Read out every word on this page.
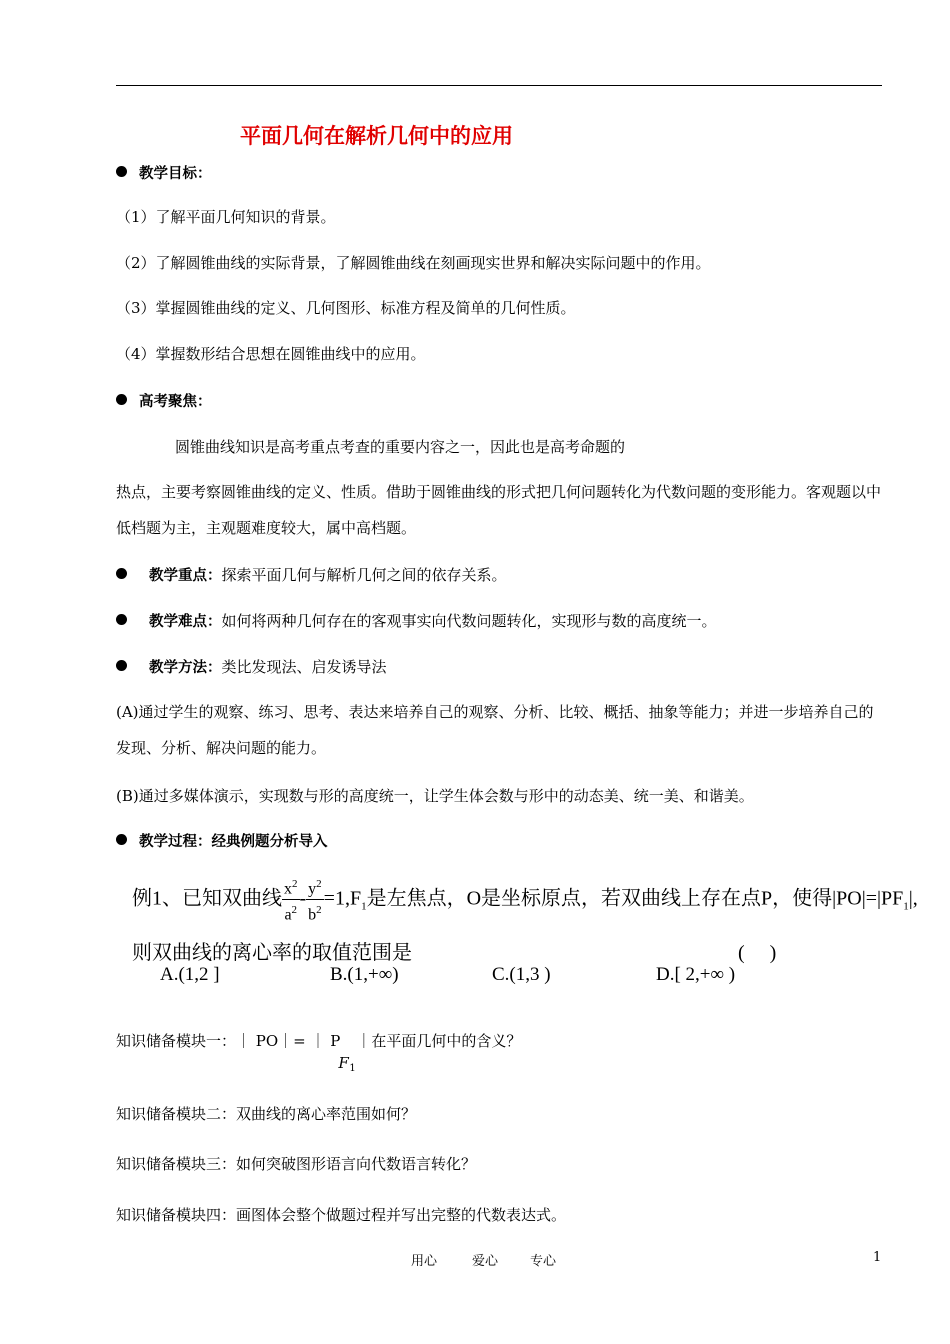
平面几何在解析几何中的应用
教学目标：
（1）了解平面几何知识的背景。
（2）了解圆锥曲线的实际背景，了解圆锥曲线在刻画现实世界和解决实际问题中的作用。
（3）掌握圆锥曲线的定义、几何图形、标准方程及简单的几何性质。
（4）掌握数形结合思想在圆锥曲线中的应用。
高考聚焦：
圆锥曲线知识是高考重点考查的重要内容之一，因此也是高考命题的
热点，主要考察圆锥曲线的定义、性质。借助于圆锥曲线的形式把几何问题转化为代数问题的变形能力。客观题以中低档题为主，主观题难度较大，属中高档题。
教学重点：探索平面几何与解析几何之间的依存关系。
教学难点：如何将两种几何存在的客观事实向代数问题转化，实现形与数的高度统一。
教学方法：类比发现法、启发诱导法
(A)通过学生的观察、练习、思考、表达来培养自己的观察、分析、比较、概括、抽象等能力；并进一步培养自己的发现、分析、解决问题的能力。
(B)通过多媒体演示，实现数与形的高度统一，让学生体会数与形中的动态美、统一美、和谐美。
教学过程：经典例题分析导入
例1、已知双曲线 $\frac{x^2}{a^2} - \frac{y^2}{b^2} =1,F_1$是左焦点，O是坐标原点，若双曲线上存在点P，使得$|PO|=|PF_1|$,
则双曲线的离心率的取值范围是	(　 )
A.(1,2 ]	B.(1,+∞)	C.(1,3 )	D.[ 2,+∞ )
知识储备模块一：｜ PO｜= ｜ P
F 1
｜在平面几何中的含义？
知识储备模块二：双曲线的离心率范围如何？
知识储备模块三：如何突破图形语言向代数语言转化？
知识储备模块四：画图体会整个做题过程并写出完整的代数表达式。
用心	爱心 专心	1
